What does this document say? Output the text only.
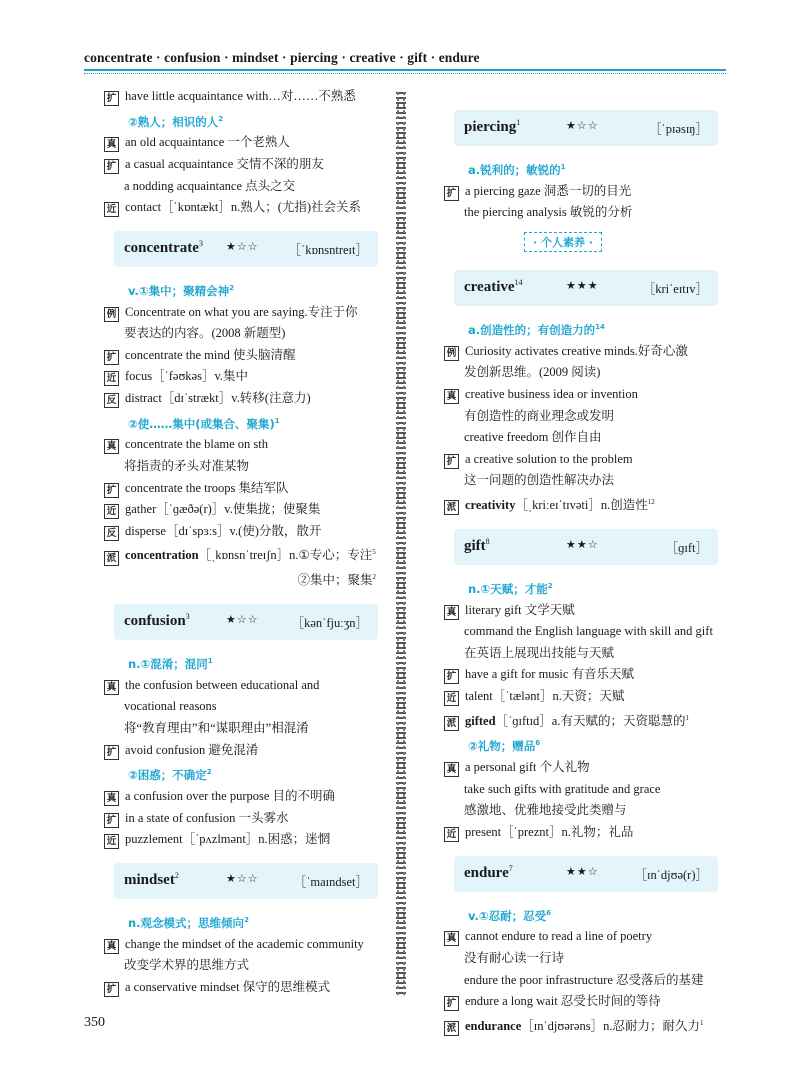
concentrate · confusion · mindset · piercing · creative · gift · endure
扩 have little acquaintance with…对……不熟悉
②熟人；相识的人$^2$
真 an old acquaintance 一个老熟人
扩 a casual acquaintance 交情不深的朋友
a nodding acquaintance 点头之交
近 contact［ˈkɒntækt］n.熟人；(尤指)社会关系
concentrate$^3$ ★☆☆ ［ˈkɒnsntreɪt］
v.①集中；聚精会神$^2$
例 Concentrate on what you are saying.专注于你
要表达的内容。(2008 新题型)
扩 concentrate the mind 使头脑清醒
近 focus［ˈfəʊkəs］v.集中
反 distract［dɪˈstrækt］v.转移(注意力)
②使……集中(或集合、聚集)$^1$
真 concentrate the blame on sth
将指责的矛头对准某物
扩 concentrate the troops 集结军队
近 gather［ˈɡæðə(r)］v.使集拢；使聚集
反 disperse［dɪˈspɜːs］v.(使)分散，散开
派 concentration［ˌkɒnsnˈtreɪʃn］n.①专心；专注$^5$
②集中；聚集$^2$
confusion$^3$	★☆☆	［kənˈfjuːʒn］
n.①混淆；混同$^1$
真 the confusion between educational and
vocational reasons
将“教育理由”和“谋职理由”相混淆
扩 avoid confusion 避免混淆
②困惑；不确定$^2$
真 a confusion over the purpose 目的不明确
扩 in a state of confusion 一头雾水
近 puzzlement［ˈpʌzlmənt］n.困惑；迷惘
mindset$^2$	★☆☆	［ˈmaɪndset］
n.观念模式；思维倾向$^2$
真 change the mindset of the academic community
改变学术界的思维方式
扩 a conservative mindset 保守的思维模式
piercing$^1$	★☆☆	［ˈpɪəsɪŋ］
a.锐利的；敏锐的$^1$
扩 a piercing gaze 洞悉一切的目光
the piercing analysis 敏锐的分析
· 个人素养 ·
creative$^{14}$	★★★	［kriˈeɪtɪv］
a.创造性的；有创造力的$^{14}$
例 Curiosity activates creative minds.好奇心激
发创新思维。(2009 阅读)
真 creative business idea or invention
有创造性的商业理念或发明
creative freedom 创作自由
扩 a creative solution to the problem
这一问题的创造性解决办法
派 creativity［ˌkriːeɪˈtɪvəti］n.创造性$^{12}$
gift$^8$	★★☆	［ɡɪft］
n.①天赋；才能$^2$
真 literary gift 文学天赋
command the English language with skill and gift
在英语上展现出技能与天赋
扩 have a gift for music 有音乐天赋
近 talent［ˈtælənt］n.天资；天赋
派 gifted［ˈɡɪftɪd］a.有天赋的；天资聪慧的$^1$
②礼物；赠品$^6$
真 a personal gift 个人礼物
take such gifts with gratitude and grace
感激地、优雅地接受此类赠与
近 present［ˈpreznt］n.礼物；礼品
endure$^7$	★★☆	［ɪnˈdjʊə(r)］
v.①忍耐；忍受$^6$
真 cannot endure to read a line of poetry
没有耐心读一行诗
endure the poor infrastructure 忍受落后的基建
扩 endure a long wait 忍受长时间的等待
派 endurance［ɪnˈdjʊərəns］n.忍耐力；耐久力$^1$
350
